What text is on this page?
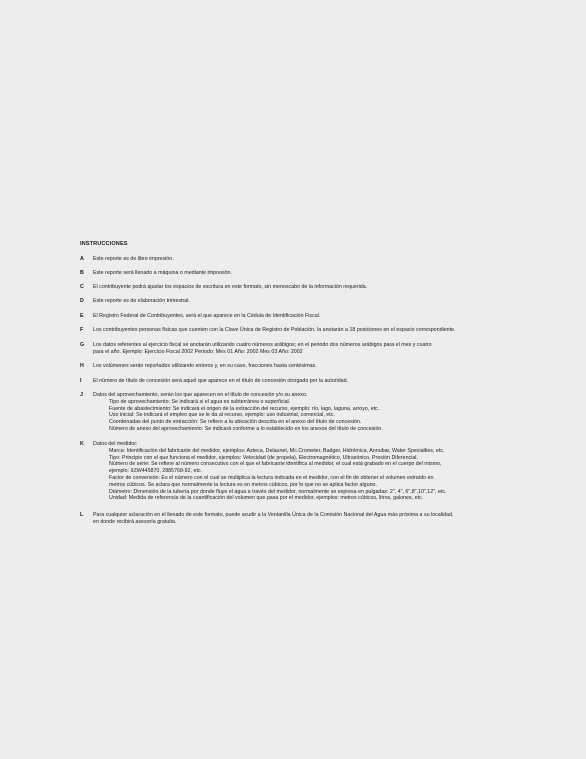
INSTRUCCIONES
A Este reporte es de libre impresión.
B Este reporte será llenado a máquina o mediante impresión.
C El contribuyente podrá ajustar los espacios de escritura en este formato, sin menoscabo de la información requerida.
D Este reporte es de elaboración trimestral.
E El Registro Federal de Contribuyentes, será el que aparece en la Cédula de Identificación Fiscal.
F Los contribuyentes personas físicas que cuenten con la Clave Única de Registro de Población, la anotarán a 18 posiciones en el espacio correspondiente.
G Los datos referentes al ejercicio fiscal se anotarán utilizando cuatro números arábigos; en el periodo dos números arábigos para el mes y cuatro
para el año. Ejemplo: Ejercicio Fiscal 2002 Periodo: Mes 01 Año: 2002 Mes 03 Año: 2002
H Los volúmenes serán reportados utilizando enteros y, en su caso, fracciones hasta centésimas.
I El número de título de concesión será aquel que aparece en el título de concesión otorgado por la autoridad.
J Datos del aprovechamiento, serán los que aparecen en el título de concesión y/o su anexo.
Tipo de aprovechamiento: Se indicará si el agua es subterránea o superficial.
Fuente de abastecimiento: Se indicará el origen de la extracción del recurso, ejemplo: río, lago, laguna, arroyo, etc.
Uso inicial: Se indicará el empleo que se le da al recurso, ejemplo: uso industrial, comercial, etc.
Coordenadas del punto de extracción: Se refiere a la ubicación descrita en el anexo del título de concesión.
Número de anexo del aprovechamiento: Se indicará conforme a lo establecido en los anexos del título de concesión.
K Datos del medidor:
Marca: Identificación del fabricante del medidor, ejemplos: Azteca, Delaunet, Mc.Crometer, Badger, Hidrómica, Annubar, Water Specialties, etc.
Tipo: Principio con el que funciona el medidor, ejemplos: Velocidad (de propela), Electromagnético, Ultrasónico, Presión Diferencial.
Número de serie: Se refiere al número consecutivo con el que el fabricante identifica al medidor, el cual está grabado en el cuerpo del mismo,
ejemplo: 9ZW445870, 2885768-92, etc.
Factor de conversión: Es el número con el cual se multiplica la lectura indicada en el medidor, con el fin de obtener el volumen extraído en
metros cúbicos. Se aclara que normalmente la lectura es en metros cúbicos, por lo que no se aplica factor alguno.
Diámetro: Dimensión de la tubería por donde fluye el agua a través del medidor, normalmente se expresa en pulgadas: 2", 4", 6",8",10",12", etc.
Unidad: Medida de referencia de la cuantificación del volumen que pasa por el medidor, ejemplos: metros cúbicos, litros, galones, etc.
L Para cualquier aclaración en el llenado de este formato, puede acudir a la Ventanilla Única de la Comisión Nacional del Agua más próxima a su localidad,
en donde recibirá asesoría gratuita.
